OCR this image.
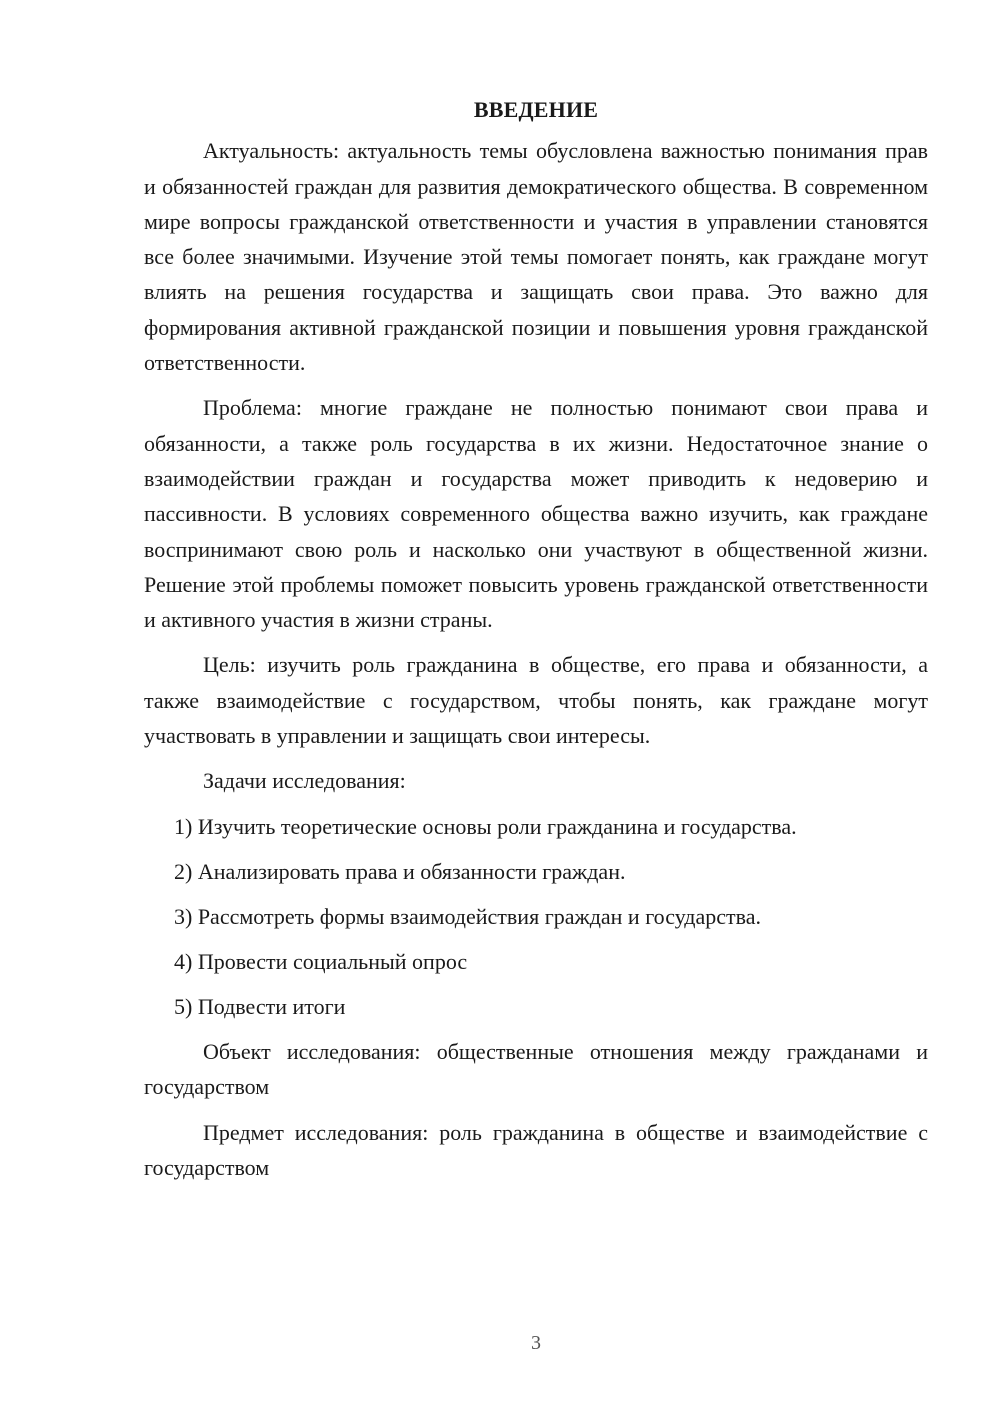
ВВЕДЕНИЕ

Актуальность: актуальность темы обусловлена важностью понимания прав и обязанностей граждан для развития демократического общества. В современном мире вопросы гражданской ответственности и участия в управлении становятся все более значимыми. Изучение этой темы помогает понять, как граждане могут влиять на решения государства и защищать свои права. Это важно для формирования активной гражданской позиции и повышения уровня гражданской ответственности.

Проблема: многие граждане не полностью понимают свои права и обязанности, а также роль государства в их жизни. Недостаточное знание о взаимодействии граждан и государства может приводить к недоверию и пассивности. В условиях современного общества важно изучить, как граждане воспринимают свою роль и насколько они участвуют в общественной жизни. Решение этой проблемы поможет повысить уровень гражданской ответственности и активного участия в жизни страны.

Цель: изучить роль гражданина в обществе, его права и обязанности, а также взаимодействие с государством, чтобы понять, как граждане могут участвовать в управлении и защищать свои интересы.

Задачи исследования:

1) Изучить теоретические основы роли гражданина и государства.

2) Анализировать права и обязанности граждан.

3) Рассмотреть формы взаимодействия граждан и государства.

4) Провести социальный опрос

5) Подвести итоги

Объект исследования: общественные отношения между гражданами и государством

Предмет исследования: роль гражданина в обществе и взаимодействие с государством

3
